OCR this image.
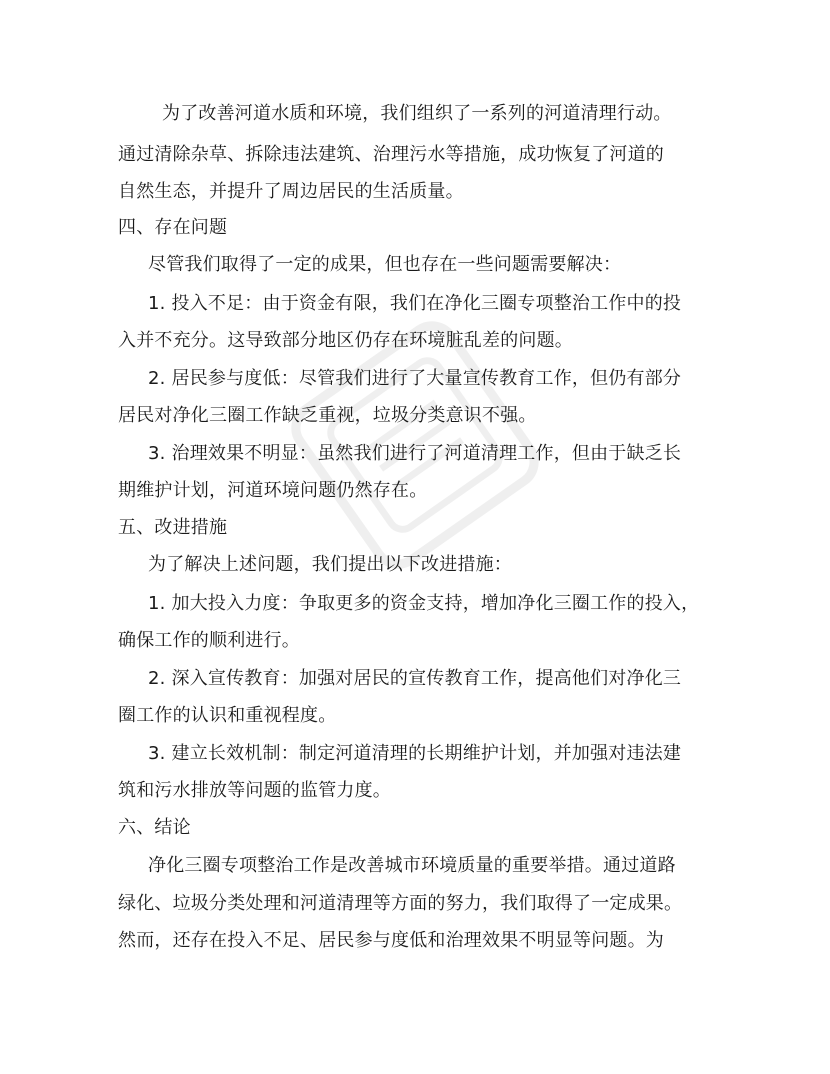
为了改善河道水质和环境，我们组织了一系列的河道清理行动。
通过清除杂草、拆除违法建筑、治理污水等措施，成功恢复了河道的
自然生态，并提升了周边居民的生活质量。
四、存在问题
尽管我们取得了一定的成果，但也存在一些问题需要解决：
1. 投入不足：由于资金有限，我们在净化三圈专项整治工作中的投
入并不充分。这导致部分地区仍存在环境脏乱差的问题。
2. 居民参与度低：尽管我们进行了大量宣传教育工作，但仍有部分
居民对净化三圈工作缺乏重视，垃圾分类意识不强。
3. 治理效果不明显：虽然我们进行了河道清理工作，但由于缺乏长
期维护计划，河道环境问题仍然存在。
五、改进措施
为了解决上述问题，我们提出以下改进措施：
1. 加大投入力度：争取更多的资金支持，增加净化三圈工作的投入，
确保工作的顺利进行。
2. 深入宣传教育：加强对居民的宣传教育工作，提高他们对净化三
圈工作的认识和重视程度。
3. 建立长效机制：制定河道清理的长期维护计划，并加强对违法建
筑和污水排放等问题的监管力度。
六、结论
净化三圈专项整治工作是改善城市环境质量的重要举措。通过道路
绿化、垃圾分类处理和河道清理等方面的努力，我们取得了一定成果。
然而，还存在投入不足、居民参与度低和治理效果不明显等问题。为
